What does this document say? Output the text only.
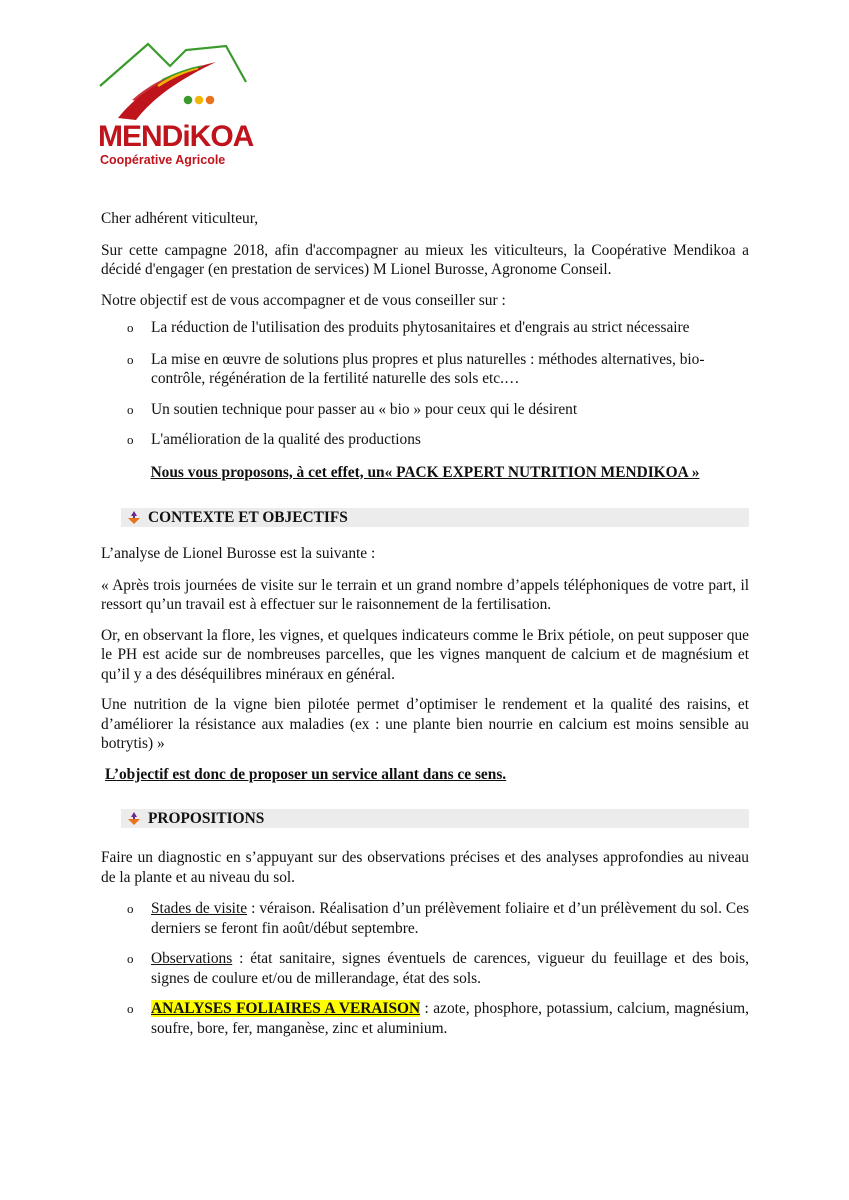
MENDiKOA
Coopérative Agricole

Cher adhérent viticulteur,

Sur cette campagne 2018, afin d'accompagner au mieux les viticulteurs, la Coopérative Mendikoa a décidé d'engager (en prestation de services) M Lionel Burosse, Agronome Conseil.

Notre objectif est de vous accompagner et de vous conseiller sur :

o La réduction de l'utilisation des produits phytosanitaires et d'engrais au strict nécessaire
o La mise en œuvre de solutions plus propres et plus naturelles : méthodes alternatives, bio-contrôle, régénération de la fertilité naturelle des sols etc.…
o Un soutien technique pour passer au « bio » pour ceux qui le désirent
o L'amélioration de la qualité des productions

Nous vous proposons, à cet effet, un« PACK EXPERT NUTRITION MENDIKOA »

CONTEXTE ET OBJECTIFS

L’analyse de Lionel Burosse est la suivante :

« Après trois journées de visite sur le terrain et un grand nombre d’appels téléphoniques de votre part, il ressort qu’un travail est à effectuer sur le raisonnement de la fertilisation.

Or, en observant la flore, les vignes, et quelques indicateurs comme le Brix pétiole, on peut supposer que le PH est acide sur de nombreuses parcelles, que les vignes manquent de calcium et de magnésium et qu’il y a des déséquilibres minéraux en général.

Une nutrition de la vigne bien pilotée permet d’optimiser le rendement et la qualité des raisins, et d’améliorer la résistance aux maladies (ex : une plante bien nourrie en calcium est moins sensible au botrytis) »

L’objectif est donc de proposer un service allant dans ce sens.

PROPOSITIONS

Faire un diagnostic en s’appuyant sur des observations précises et des analyses approfondies au niveau de la plante et au niveau du sol.

o Stades de visite : véraison. Réalisation d’un prélèvement foliaire et d’un prélèvement du sol. Ces derniers se feront fin août/début septembre.
o Observations : état sanitaire, signes éventuels de carences, vigueur du feuillage et des bois, signes de coulure et/ou de millerandage, état des sols.
o ANALYSES FOLIAIRES A VERAISON : azote, phosphore, potassium, calcium, magnésium, soufre, bore, fer, manganèse, zinc et aluminium.
